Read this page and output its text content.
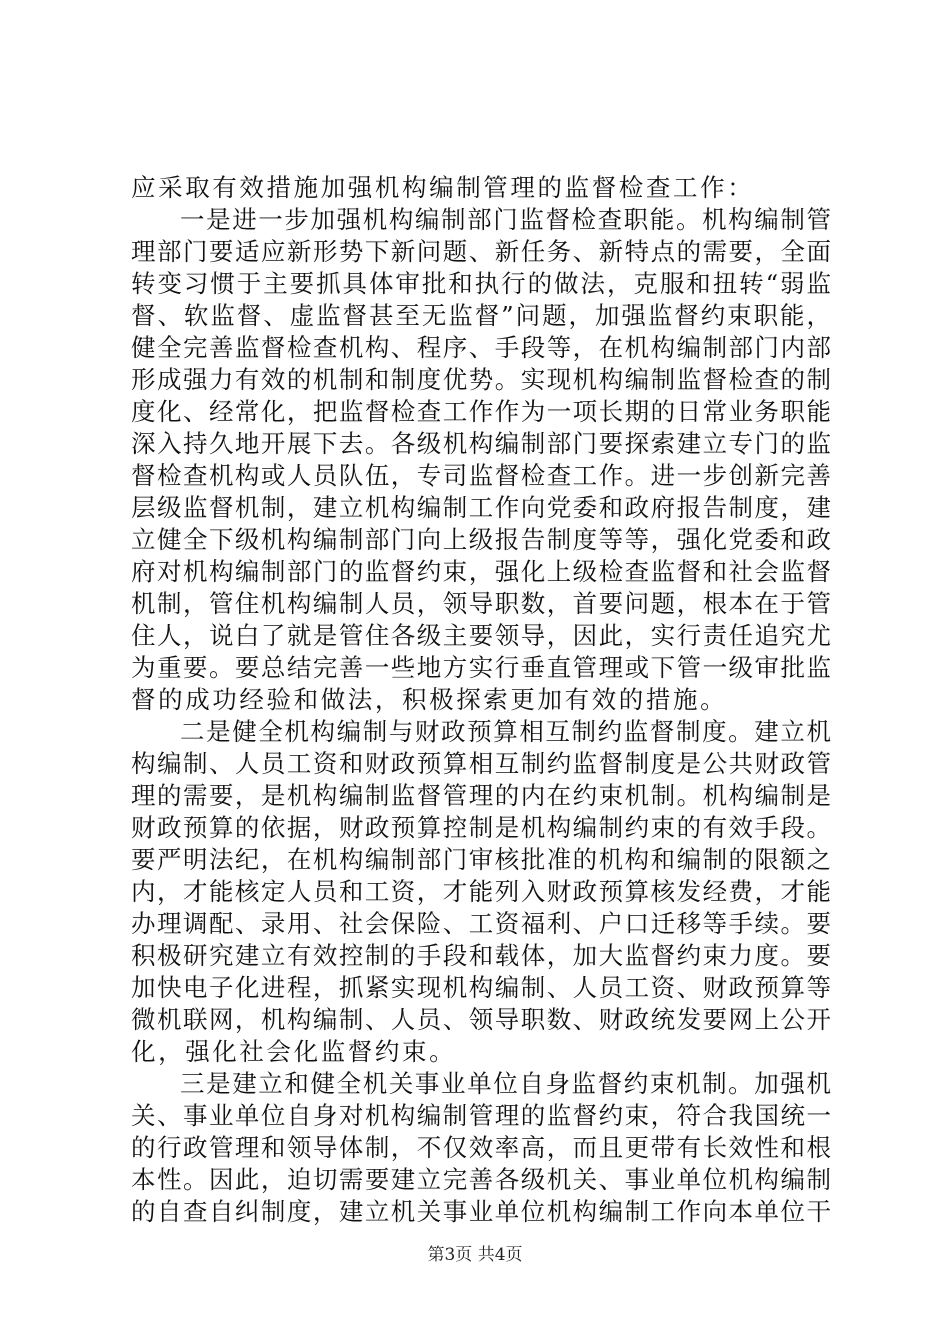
应采取有效措施加强机构编制管理的监督检查工作：
一是进一步加强机构编制部门监督检查职能。机构编制管
理部门要适应新形势下新问题、新任务、新特点的需要，全面
转变习惯于主要抓具体审批和执行的做法，克服和扭转“弱监
督、软监督、虚监督甚至无监督”问题，加强监督约束职能，
健全完善监督检查机构、程序、手段等，在机构编制部门内部
形成强力有效的机制和制度优势。实现机构编制监督检查的制
度化、经常化，把监督检查工作作为一项长期的日常业务职能
深入持久地开展下去。各级机构编制部门要探索建立专门的监
督检查机构或人员队伍，专司监督检查工作。进一步创新完善
层级监督机制，建立机构编制工作向党委和政府报告制度，建
立健全下级机构编制部门向上级报告制度等等，强化党委和政
府对机构编制部门的监督约束，强化上级检查监督和社会监督
机制，管住机构编制人员，领导职数，首要问题，根本在于管
住人，说白了就是管住各级主要领导，因此，实行责任追究尤
为重要。要总结完善一些地方实行垂直管理或下管一级审批监
督的成功经验和做法，积极探索更加有效的措施。
二是健全机构编制与财政预算相互制约监督制度。建立机
构编制、人员工资和财政预算相互制约监督制度是公共财政管
理的需要，是机构编制监督管理的内在约束机制。机构编制是
财政预算的依据，财政预算控制是机构编制约束的有效手段。
要严明法纪，在机构编制部门审核批准的机构和编制的限额之
内，才能核定人员和工资，才能列入财政预算核发经费，才能
办理调配、录用、社会保险、工资福利、户口迁移等手续。要
积极研究建立有效控制的手段和载体，加大监督约束力度。要
加快电子化进程，抓紧实现机构编制、人员工资、财政预算等
微机联网，机构编制、人员、领导职数、财政统发要网上公开
化，强化社会化监督约束。
三是建立和健全机关事业单位自身监督约束机制。加强机
关、事业单位自身对机构编制管理的监督约束，符合我国统一
的行政管理和领导体制，不仅效率高，而且更带有长效性和根
本性。因此，迫切需要建立完善各级机关、事业单位机构编制
的自查自纠制度，建立机关事业单位机构编制工作向本单位干
第3页 共4页
